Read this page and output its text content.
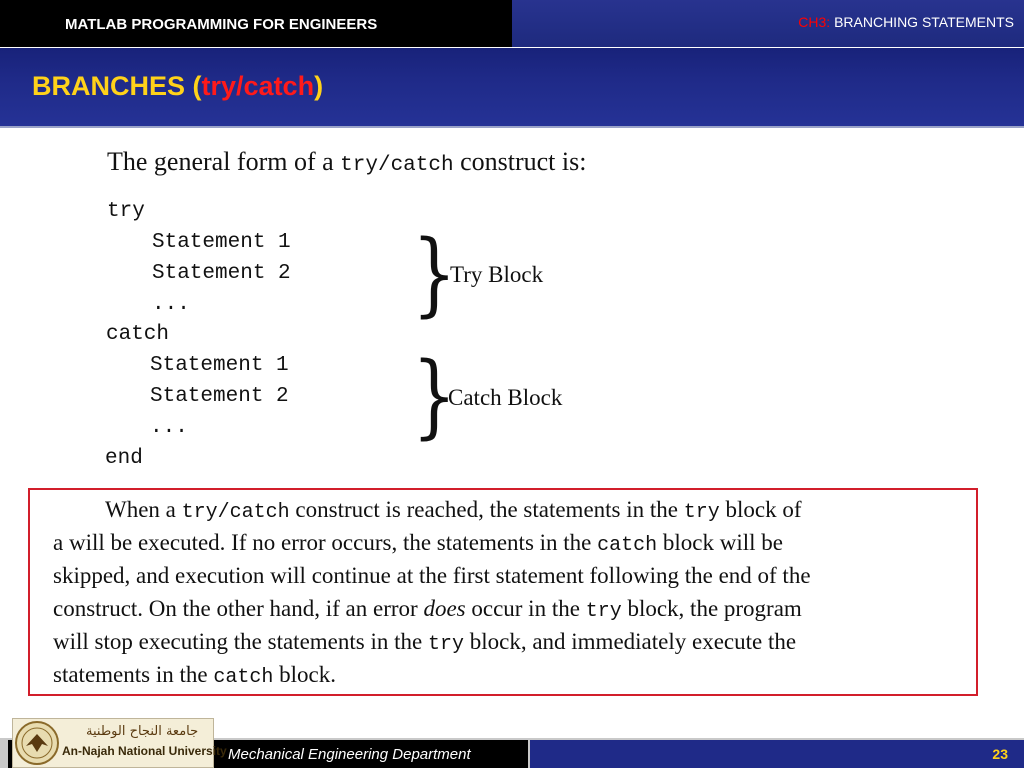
MATLAB PROGRAMMING FOR ENGINEERS	CH3: BRANCHING STATEMENTS
BRANCHES (try/catch)
The general form of a try/catch construct is:
try
Statement 1
Statement 2
...
catch
Statement 1
Statement 2
...
end
}
Try Block
}
Catch Block
When a try/catch construct is reached, the statements in the try block of
a will be executed. If no error occurs, the statements in the catch block will be
skipped, and execution will continue at the first statement following the end of the
construct. On the other hand, if an error does occur in the try block, the program
will stop executing the statements in the try block, and immediately execute the
statements in the catch block.
Mechanical Engineering Department	23
جامعة النجاح الوطنية
An-Najah National University
